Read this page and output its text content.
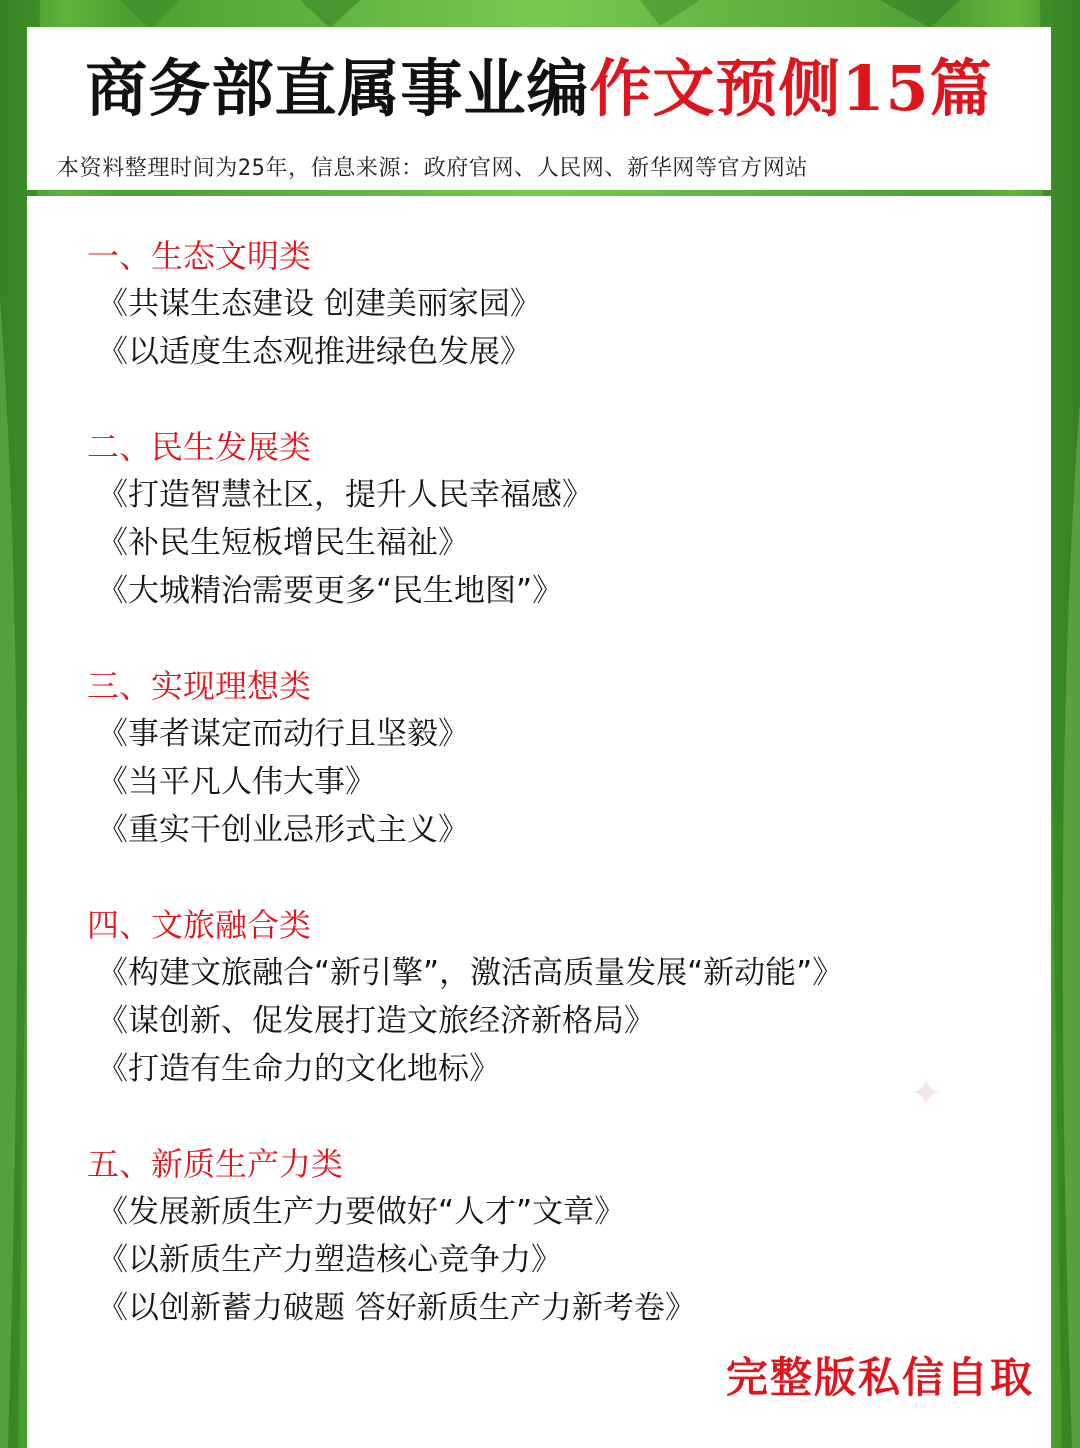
商务部直属事业编作文预侧15篇
本资料整理时间为25年，信息来源：政府官网、人民网、新华网等官方网站
一、生态文明类
《共谋生态建设 创建美丽家园》
《以适度生态观推进绿色发展》
二、民生发展类
《打造智慧社区，提升人民幸福感》
《补民生短板增民生福祉》
《大城精治需要更多“民生地图”》
三、实现理想类
《事者谋定而动行且坚毅》
《当平凡人伟大事》
《重实干创业忌形式主义》
四、文旅融合类
《构建文旅融合“新引擎”，激活高质量发展“新动能”》
《谋创新、促发展打造文旅经济新格局》
《打造有生命力的文化地标》
五、新质生产力类
《发展新质生产力要做好“人才”文章》
《以新质生产力塑造核心竞争力》
《以创新蓄力破题 答好新质生产力新考卷》
完整版私信自取
